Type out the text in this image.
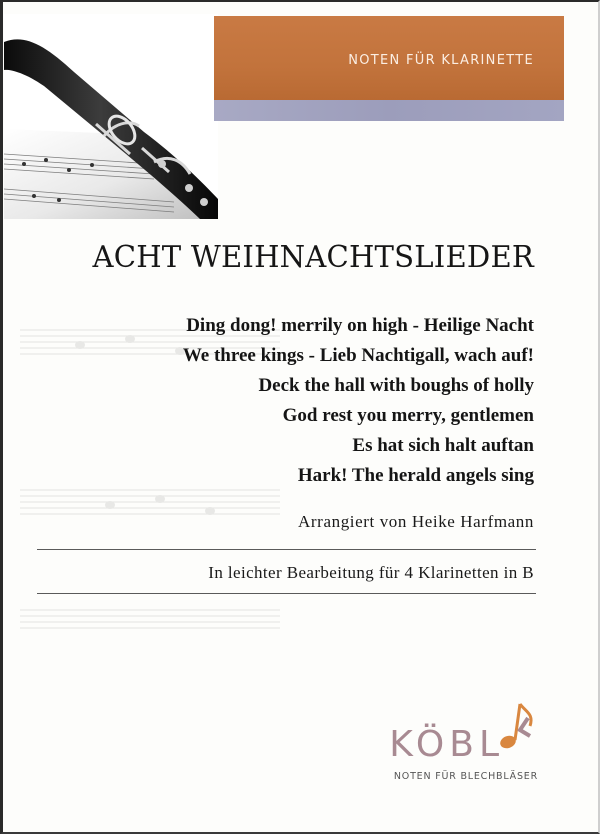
NOTEN FÜR KLARINETTE
ACHT WEIHNACHTSLIEDER
Ding dong! merrily on high - Heilige Nacht
We three kings - Lieb Nachtigall, wach auf!
Deck the hall with boughs of holly
God rest you merry, gentlemen
Es hat sich halt auftan
Hark! The herald angels sing
Arrangiert von Heike Harfmann
In leichter Bearbeitung für 4 Klarinetten in B
KÖBL
NOTEN FÜR BLECHBLÄSER
